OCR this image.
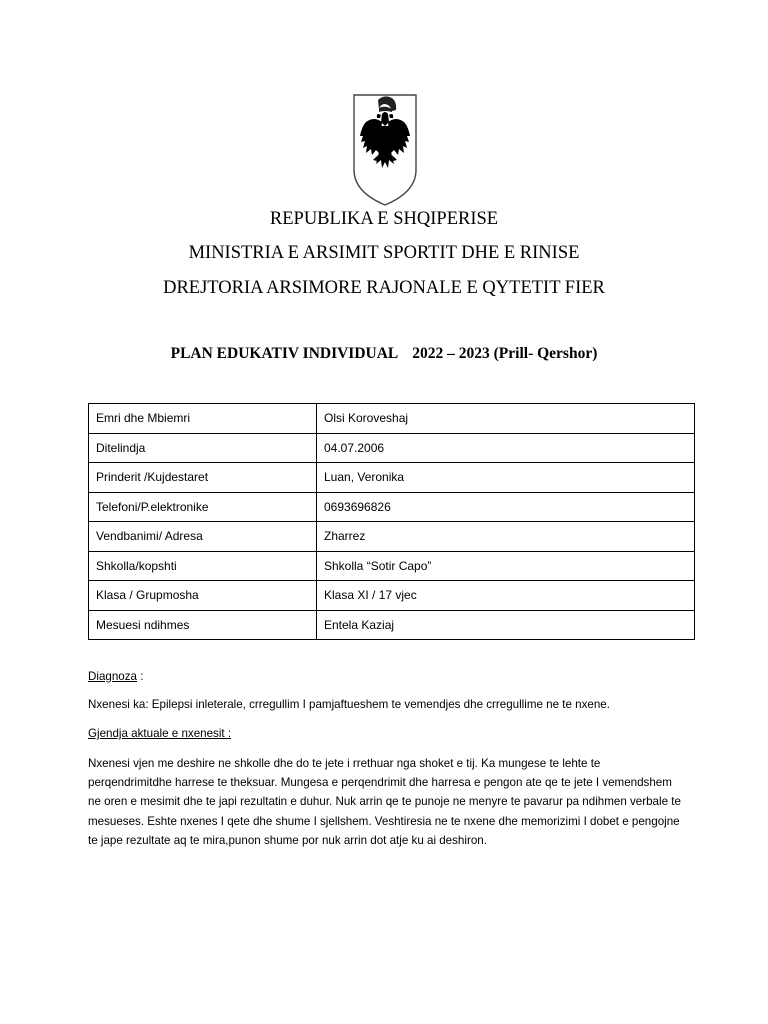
REPUBLIKA E SHQIPERISE
MINISTRIA E ARSIMIT SPORTIT DHE E RINISE
DREJTORIA ARSIMORE RAJONALE E QYTETIT FIER
PLAN EDUKATIV INDIVIDUAL 2022 – 2023 (Prill- Qershor)
Emri dhe Mbiemri	Olsi Koroveshaj
Ditelindja	04.07.2006
Prinderit /Kujdestaret	Luan, Veronika
Telefoni/P.elektronike	0693696826
Vendbanimi/ Adresa	Zharrez
Shkolla/kopshti	Shkolla “Sotir Capo”
Klasa / Grupmosha	Klasa XI / 17 vjec
Mesuesi ndihmes	Entela Kaziaj
Diagnoza :
Nxenesi ka: Epilepsi inleterale, crregullim I pamjaftueshem te vemendjes dhe crregullime ne te nxene.
Gjendja aktuale e nxenesit :
Nxenesi vjen me deshire ne shkolle dhe do te jete i rrethuar nga shoket e tij. Ka mungese te lehte te perqendrimitdhe harrese te theksuar. Mungesa e perqendrimit dhe harresa e pengon ate qe te jete I vemendshem ne oren e mesimit dhe te japi rezultatin e duhur. Nuk arrin qe te punoje ne menyre te pavarur pa ndihmen verbale te mesueses. Eshte nxenes I qete dhe shume I sjellshem. Veshtiresia ne te nxene dhe memorizimi I dobet e pengojne te jape rezultate aq te mira,punon shume por nuk arrin dot atje ku ai deshiron.
